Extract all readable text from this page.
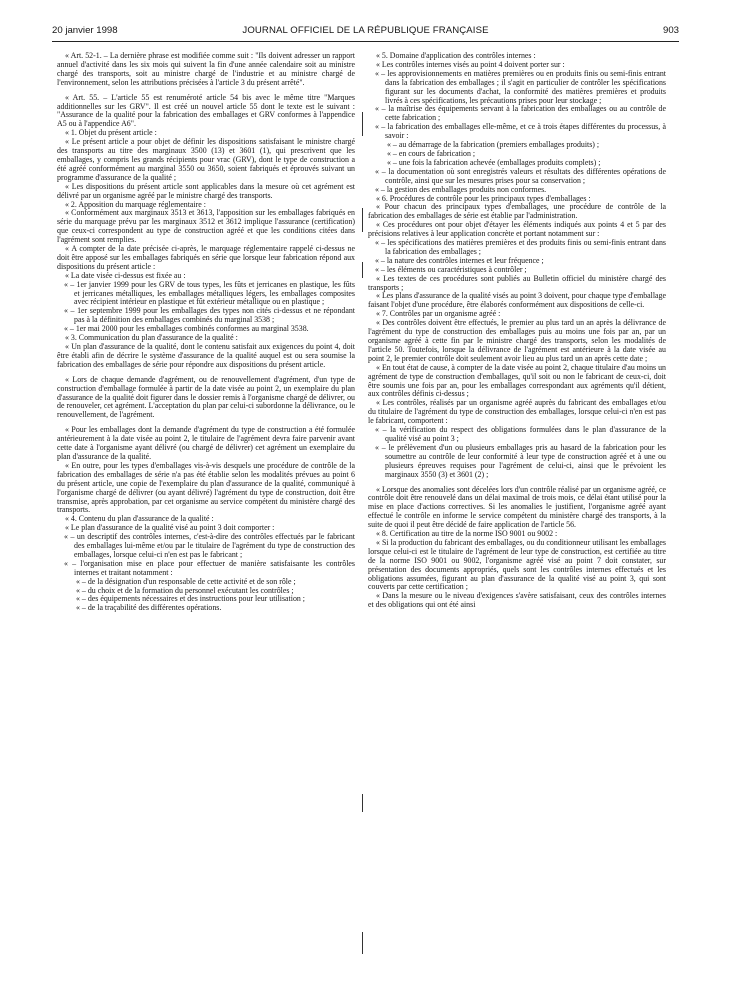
20 janvier 1998	JOURNAL OFFICIEL DE LA RÉPUBLIQUE FRANÇAISE	903

« Art. 52-1. – La dernière phrase est modifiée comme suit : "Ils doivent adresser un rapport annuel d'activité dans les six mois qui suivent la fin d'une année calendaire soit au ministre chargé des transports, soit au ministre chargé de l'industrie et au ministre chargé de l'environnement, selon les attributions précisées à l'article 3 du présent arrêté".

« Art. 55. – L'article 55 est renuméroté article 54 bis avec le même titre "Marques additionnelles sur les GRV". Il est créé un nouvel article 55 dont le texte est le suivant : "Assurance de la qualité pour la fabrication des emballages et GRV conformes à l'appendice A5 ou à l'appendice A6".

« 1. Objet du présent article :

« Le présent article a pour objet de définir les dispositions satisfaisant le ministre chargé des transports au titre des marginaux 3500 (13) et 3601 (1), qui prescrivent que les emballages, y compris les grands récipients pour vrac (GRV), dont le type de construction a été agréé conformément au marginal 3550 ou 3650, soient fabriqués et éprouvés suivant un programme d'assurance de la qualité ;

« Les dispositions du présent article sont applicables dans la mesure où cet agrément est délivré par un organisme agréé par le ministre chargé des transports.

« 2. Apposition du marquage réglementaire :

« Conformément aux marginaux 3513 et 3613, l'apposition sur les emballages fabriqués en série du marquage prévu par les marginaux 3512 et 3612 implique l'assurance (certification) que ceux-ci correspondent au type de construction agréé et que les conditions citées dans l'agrément sont remplies.

« A compter de la date précisée ci-après, le marquage réglementaire rappelé ci-dessus ne doit être apposé sur les emballages fabriqués en série que lorsque leur fabrication répond aux dispositions du présent article :

« La date visée ci-dessus est fixée au :

« – 1er janvier 1999 pour les GRV de tous types, les fûts et jerricanes en plastique, les fûts et jerricanes métalliques, les emballages métalliques légers, les emballages composites avec récipient intérieur en plastique et fût extérieur métallique ou en plastique ;

« – 1er septembre 1999 pour les emballages des types non cités ci-dessus et ne répondant pas à la définition des emballages combinés du marginal 3538 ;

« – 1er mai 2000 pour les emballages combinés conformes au marginal 3538.

« 3. Communication du plan d'assurance de la qualité :

« Un plan d'assurance de la qualité, dont le contenu satisfait aux exigences du point 4, doit être établi afin de décrire le système d'assurance de la qualité auquel est ou sera soumise la fabrication des emballages de série pour répondre aux dispositions du présent article.

« Lors de chaque demande d'agrément, ou de renouvellement d'agrément, d'un type de construction d'emballage formulée à partir de la date visée au point 2, un exemplaire du plan d'assurance de la qualité doit figurer dans le dossier remis à l'organisme chargé de délivrer, ou de renouveler, cet agrément. L'acceptation du plan par celui-ci subordonne la délivrance, ou le renouvellement, de l'agrément.

« Pour les emballages dont la demande d'agrément du type de construction a été formulée antérieurement à la date visée au point 2, le titulaire de l'agrément devra faire parvenir avant cette date à l'organisme ayant délivré (ou chargé de délivrer) cet agrément un exemplaire du plan d'assurance de la qualité.

« En outre, pour les types d'emballages vis-à-vis desquels une procédure de contrôle de la fabrication des emballages de série n'a pas été établie selon les modalités prévues au point 6 du présent article, une copie de l'exemplaire du plan d'assurance de la qualité, communiqué à l'organisme chargé de délivrer (ou ayant délivré) l'agrément du type de construction, doit être transmise, après approbation, par cet organisme au service compétent du ministère chargé des transports.

« 4. Contenu du plan d'assurance de la qualité :

« Le plan d'assurance de la qualité visé au point 3 doit comporter :

« – un descriptif des contrôles internes, c'est-à-dire des contrôles effectués par le fabricant des emballages lui-même et/ou par le titulaire de l'agrément du type de construction des emballages, lorsque celui-ci n'en est pas le fabricant ;

« – l'organisation mise en place pour effectuer de manière satisfaisante les contrôles internes et traitant notamment :

« – de la désignation d'un responsable de cette activité et de son rôle ;

« – du choix et de la formation du personnel exécutant les contrôles ;

« – des équipements nécessaires et des instructions pour leur utilisation ;

« – de la traçabilité des différentes opérations.

« 5. Domaine d'application des contrôles internes :

« Les contrôles internes visés au point 4 doivent porter sur :

« – les approvisionnements en matières premières ou en produits finis ou semi-finis entrant dans la fabrication des emballages ; il s'agit en particulier de contrôler les spécifications figurant sur les documents d'achat, la conformité des matières premières et produits livrés à ces spécifications, les précautions prises pour leur stockage ;

« – la maîtrise des équipements servant à la fabrication des emballages ou au contrôle de cette fabrication ;

« – la fabrication des emballages elle-même, et ce à trois étapes différentes du processus, à savoir :

« – au démarrage de la fabrication (premiers emballages produits) ;

« – en cours de fabrication ;

« – une fois la fabrication achevée (emballages produits complets) ;

« – la documentation où sont enregistrés valeurs et résultats des différentes opérations de contrôle, ainsi que sur les mesures prises pour sa conservation ;

« – la gestion des emballages produits non conformes.

« 6. Procédures de contrôle pour les principaux types d'emballages :

« Pour chacun des principaux types d'emballages, une procédure de contrôle de la fabrication des emballages de série est établie par l'administration.

« Ces procédures ont pour objet d'étayer les éléments indiqués aux points 4 et 5 par des précisions relatives à leur application concrète et portant notamment sur :

« – les spécifications des matières premières et des produits finis ou semi-finis entrant dans la fabrication des emballages ;

« – la nature des contrôles internes et leur fréquence ;

« – les éléments ou caractéristiques à contrôler ;

« Les textes de ces procédures sont publiés au Bulletin officiel du ministère chargé des transports ;

« Les plans d'assurance de la qualité visés au point 3 doivent, pour chaque type d'emballage faisant l'objet d'une procédure, être élaborés conformément aux dispositions de celle-ci.

« 7. Contrôles par un organisme agréé :

« Des contrôles doivent être effectués, le premier au plus tard un an après la délivrance de l'agrément du type de construction des emballages puis au moins une fois par an, par un organisme agréé à cette fin par le ministre chargé des transports, selon les modalités de l'article 50. Toutefois, lorsque la délivrance de l'agrément est antérieure à la date visée au point 2, le premier contrôle doit seulement avoir lieu au plus tard un an après cette date ;

« En tout état de cause, à compter de la date visée au point 2, chaque titulaire d'au moins un agrément de type de construction d'emballages, qu'il soit ou non le fabricant de ceux-ci, doit être soumis une fois par an, pour les emballages correspondant aux agréments qu'il détient, aux contrôles définis ci-dessus ;

« Les contrôles, réalisés par un organisme agréé auprès du fabricant des emballages et/ou du titulaire de l'agrément du type de construction des emballages, lorsque celui-ci n'en est pas le fabricant, comportent :

« – la vérification du respect des obligations formulées dans le plan d'assurance de la qualité visé au point 3 ;

« – le prélèvement d'un ou plusieurs emballages pris au hasard de la fabrication pour les soumettre au contrôle de leur conformité à leur type de construction agréé et à une ou plusieurs épreuves requises pour l'agrément de celui-ci, ainsi que le prévoient les marginaux 3550 (3) et 3601 (2) ;

« Lorsque des anomalies sont décelées lors d'un contrôle réalisé par un organisme agréé, ce contrôle doit être renouvelé dans un délai maximal de trois mois, ce délai étant utilisé pour la mise en place d'actions correctives. Si les anomalies le justifient, l'organisme agréé ayant effectué le contrôle en informe le service compétent du ministère chargé des transports, à la suite de quoi il peut être décidé de faire application de l'article 56.

« 8. Certification au titre de la norme ISO 9001 ou 9002 :

« Si la production du fabricant des emballages, ou du conditionneur utilisant les emballages lorsque celui-ci est le titulaire de l'agrément de leur type de construction, est certifiée au titre de la norme ISO 9001 ou 9002, l'organisme agréé visé au point 7 doit constater, sur présentation des documents appropriés, quels sont les contrôles internes effectués et les obligations assumées, figurant au plan d'assurance de la qualité visé au point 3, qui sont couverts par cette certification ;

« Dans la mesure ou le niveau d'exigences s'avère satisfaisant, ceux des contrôles internes et des obligations qui ont été ainsi
